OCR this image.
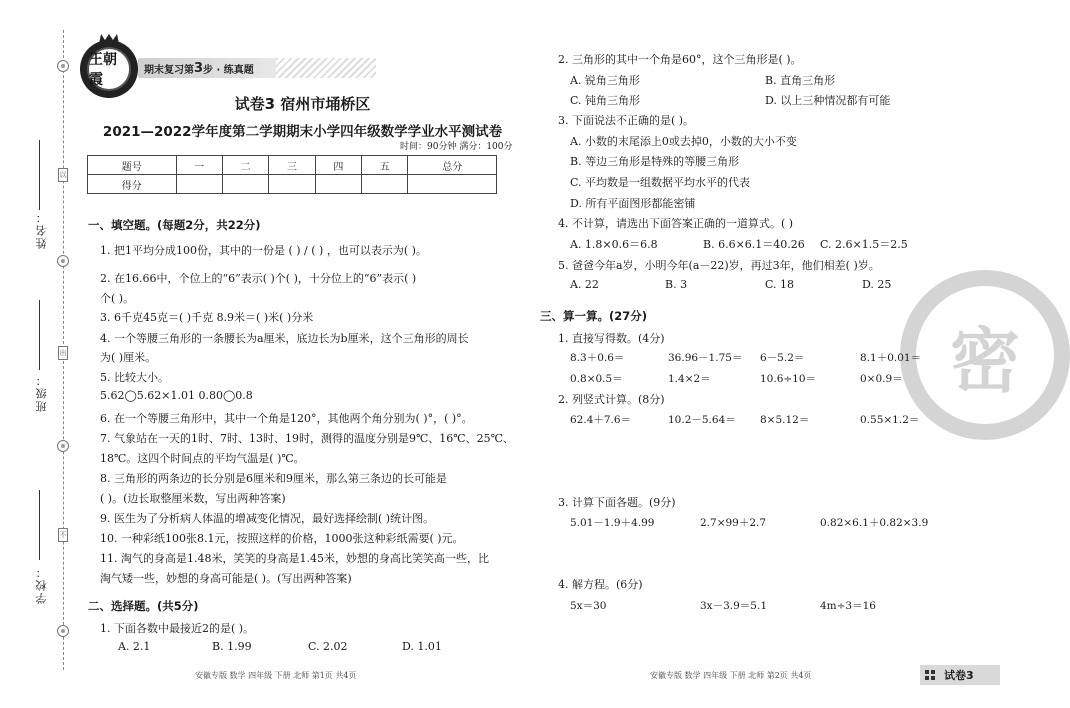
以
出
不
姓名：
班级：
学校：
王朝霞
期末复习第 3 步 · 练真题
试卷3 宿州市埇桥区
2021—2022学年度第二学期期末小学四年级数学学业水平测试卷
时间：90分钟 满分：100分
题号	一	二	三	四	五	总分
得分						
一、填空题。(每题2分，共22分)
1. 把1平均分成100份，其中的一份是 ( ) / ( ) ，也可以表示为( )。
2. 在16.66中，个位上的“6”表示( )个( )，十分位上的“6”表示( )
个( )。
3. 6千克45克＝( )千克 8.9米＝( )米( )分米
4. 一个等腰三角形的一条腰长为a厘米，底边长为b厘米，这个三角形的周长
为( )厘米。
5. 比较大小。
5.62◯5.62×1.01 0.80◯0.8
6. 在一个等腰三角形中，其中一个角是120°，其他两个角分别为( )°，( )°。
7. 气象站在一天的1时、7时、13时、19时，测得的温度分别是9℃、16℃、25℃、
18℃。这四个时间点的平均气温是( )℃。
8. 三角形的两条边的长分别是6厘米和9厘米，那么第三条边的长可能是
( )。(边长取整厘米数，写出两种答案)
9. 医生为了分析病人体温的增减变化情况，最好选择绘制( )统计图。
10. 一种彩纸100张8.1元，按照这样的价格，1000张这种彩纸需要( )元。
11. 淘气的身高是1.48米，笑笑的身高是1.45米，妙想的身高比笑笑高一些，比
淘气矮一些，妙想的身高可能是( )。(写出两种答案)
二、选择题。(共5分)
1. 下面各数中最接近2的是( )。
A. 2.1	B. 1.99	C. 2.02	D. 1.01
安徽专版 数学 四年级 下册 北师 第1页 共4页
密
2. 三角形的其中一个角是60°，这个三角形是( )。
A. 锐角三角形	B. 直角三角形
C. 钝角三角形	D. 以上三种情况都有可能
3. 下面说法不正确的是( )。
A. 小数的末尾添上0或去掉0，小数的大小不变
B. 等边三角形是特殊的等腰三角形
C. 平均数是一组数据平均水平的代表
D. 所有平面图形都能密铺
4. 不计算，请选出下面答案正确的一道算式。( )
A. 1.8×0.6＝6.8	B. 6.6×6.1＝40.26 C. 2.6×1.5＝2.5
5. 爸爸今年a岁，小明今年(a－22)岁，再过3年，他们相差( )岁。
A. 22	B. 3	C. 18	D. 25
三、算一算。(27分)
1. 直接写得数。(4分)
8.3＋0.6＝	36.96－1.75＝ 6－5.2＝	8.1＋0.01＝
0.8×0.5＝	1.4×2＝	10.6÷10＝	0×0.9＝
2. 列竖式计算。(8分)
62.4＋7.6＝	10.2－5.64＝ 8×5.12＝	0.55×1.2＝
3. 计算下面各题。(9分)
5.01－1.9＋4.99	2.7×99＋2.7	0.82×6.1＋0.82×3.9
4. 解方程。(6分)
5x＝30	3x－3.9＝5.1	4m÷3＝16
安徽专版 数学 四年级 下册 北师 第2页 共4页	试卷3
